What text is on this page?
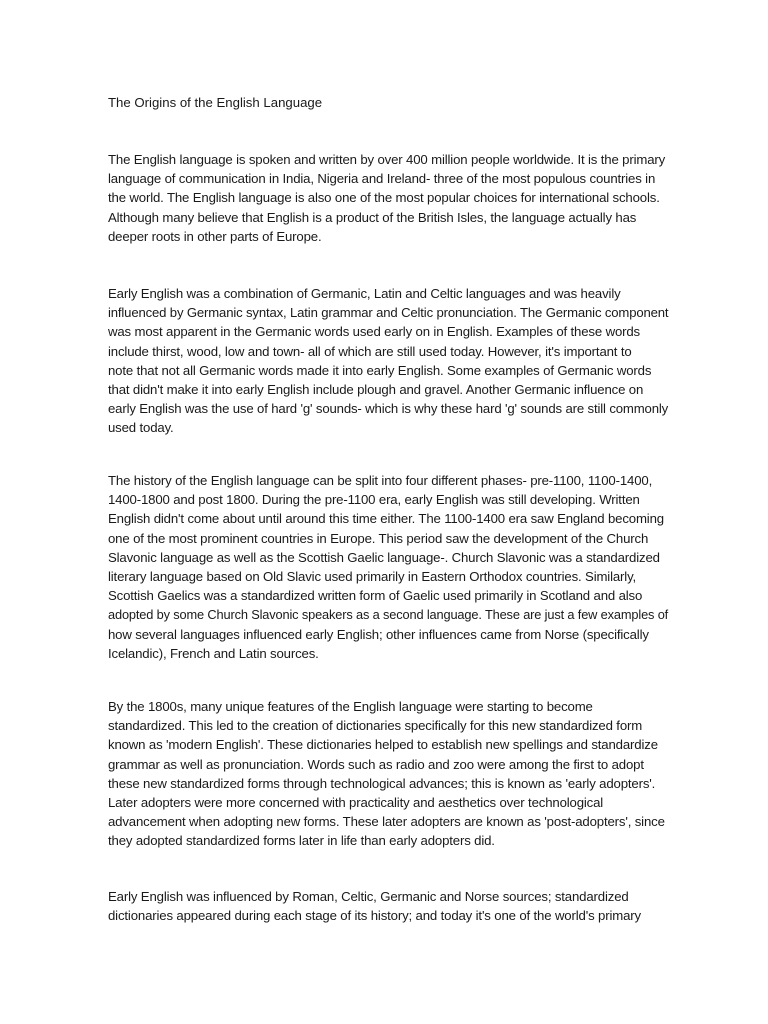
The Origins of the English Language
The English language is spoken and written by over 400 million people worldwide. It is the primary
language of communication in India, Nigeria and Ireland- three of the most populous countries in
the world. The English language is also one of the most popular choices for international schools.
Although many believe that English is a product of the British Isles, the language actually has
deeper roots in other parts of Europe.
Early English was a combination of Germanic, Latin and Celtic languages and was heavily
influenced by Germanic syntax, Latin grammar and Celtic pronunciation. The Germanic component
was most apparent in the Germanic words used early on in English. Examples of these words
include thirst, wood, low and town- all of which are still used today. However, it's important to
note that not all Germanic words made it into early English. Some examples of Germanic words
that didn't make it into early English include plough and gravel. Another Germanic influence on
early English was the use of hard 'g' sounds- which is why these hard 'g' sounds are still commonly
used today.
The history of the English language can be split into four different phases- pre-1100, 1100-1400,
1400-1800 and post 1800. During the pre-1100 era, early English was still developing. Written
English didn't come about until around this time either. The 1100-1400 era saw England becoming
one of the most prominent countries in Europe. This period saw the development of the Church
Slavonic language as well as the Scottish Gaelic language-. Church Slavonic was a standardized
literary language based on Old Slavic used primarily in Eastern Orthodox countries. Similarly,
Scottish Gaelics was a standardized written form of Gaelic used primarily in Scotland and also
adopted by some Church Slavonic speakers as a second language. These are just a few examples of
how several languages influenced early English; other influences came from Norse (specifically
Icelandic), French and Latin sources.
By the 1800s, many unique features of the English language were starting to become
standardized. This led to the creation of dictionaries specifically for this new standardized form
known as 'modern English'. These dictionaries helped to establish new spellings and standardize
grammar as well as pronunciation. Words such as radio and zoo were among the first to adopt
these new standardized forms through technological advances; this is known as 'early adopters'.
Later adopters were more concerned with practicality and aesthetics over technological
advancement when adopting new forms. These later adopters are known as 'post-adopters', since
they adopted standardized forms later in life than early adopters did.
Early English was influenced by Roman, Celtic, Germanic and Norse sources; standardized
dictionaries appeared during each stage of its history; and today it's one of the world's primary
